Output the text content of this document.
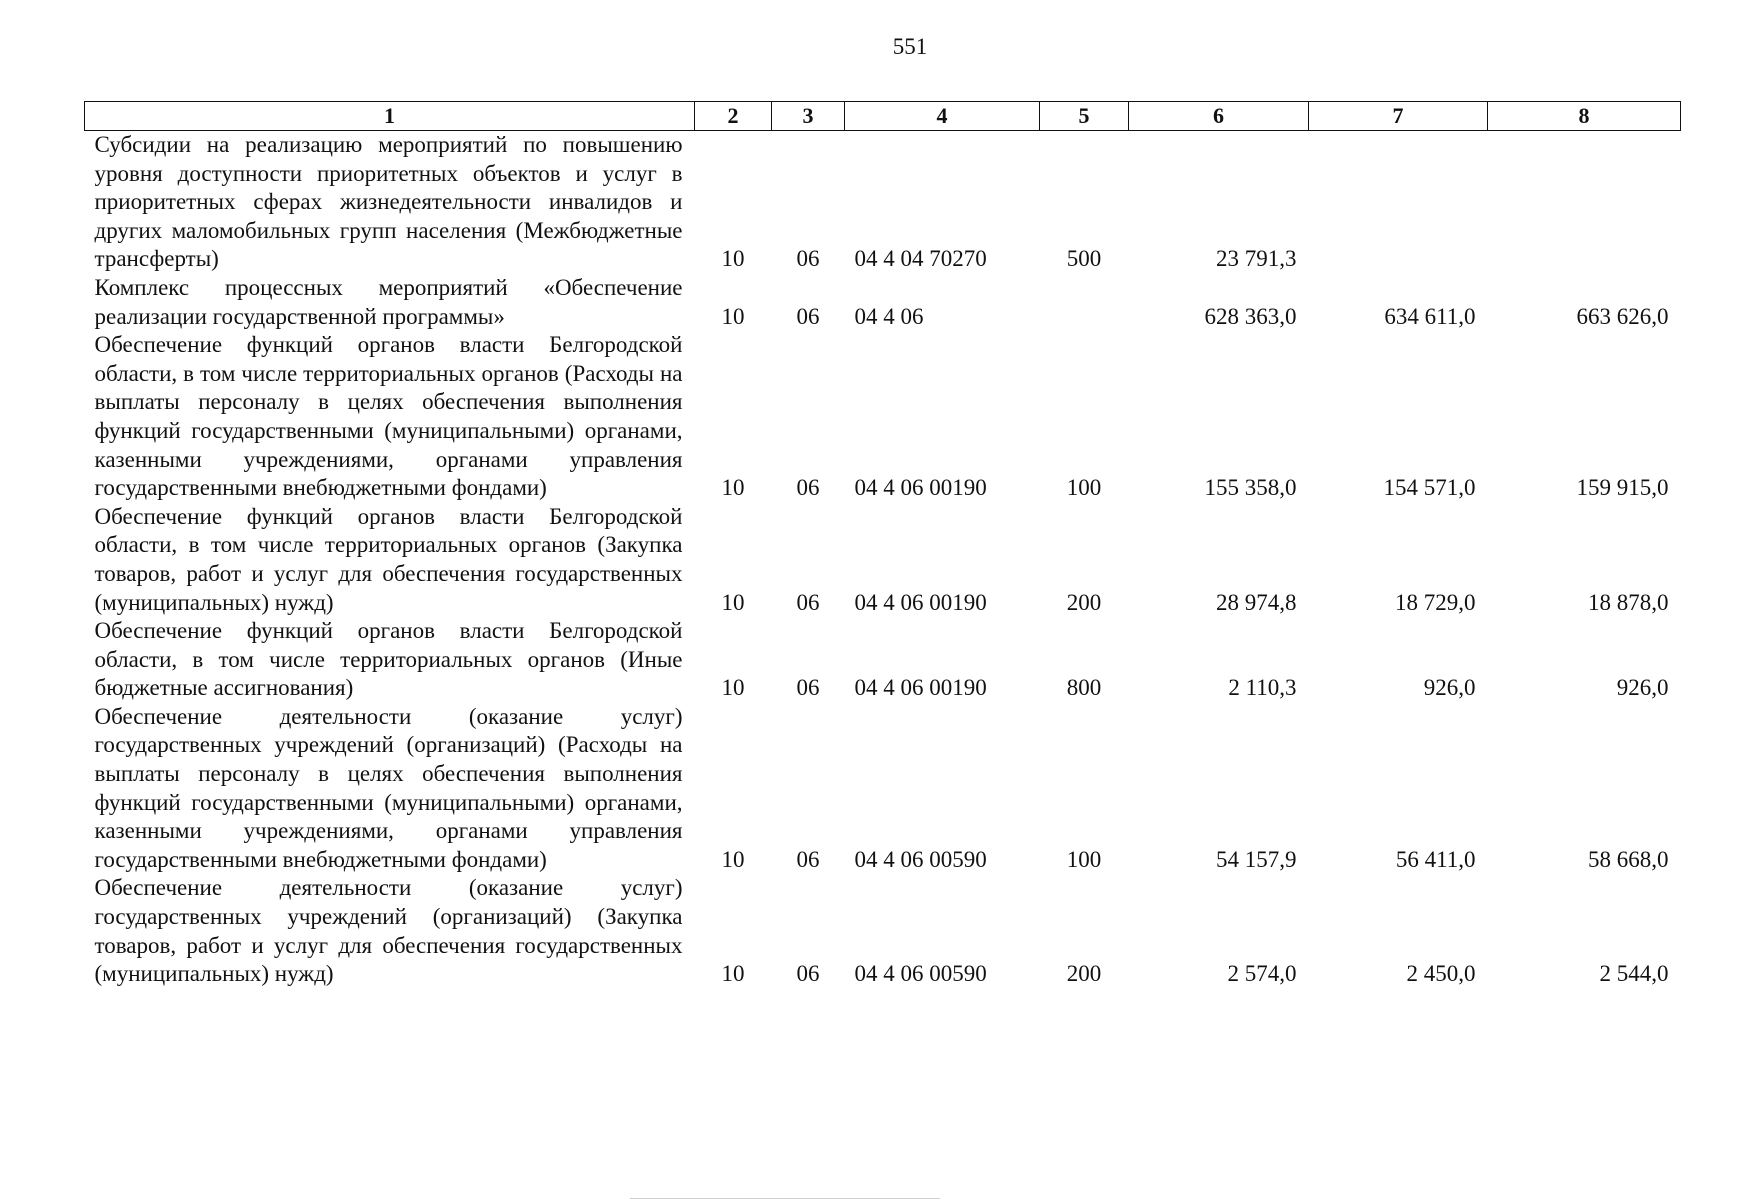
551
1	2	3	4	5	6	7	8
Субсидии на реализацию мероприятий по повышению уровня доступности приоритетных объектов и услуг в приоритетных сферах жизнедеятельности инвалидов и других маломобильных групп населения (Межбюджетные трансферты)	10	06	04 4 04 70270	500	23 791,3		
Комплекс процессных мероприятий «Обеспечение реализации государственной программы»	10	06	04 4 06		628 363,0	634 611,0	663 626,0
Обеспечение функций органов власти Белгородской области, в том числе территориальных органов (Расходы на выплаты персоналу в целях обеспечения выполнения функций государственными (муниципальными) органами, казенными учреждениями, органами управления государственными внебюджетными фондами)	10	06	04 4 06 00190	100	155 358,0	154 571,0	159 915,0
Обеспечение функций органов власти Белгородской области, в том числе территориальных органов (Закупка товаров, работ и услуг для обеспечения государственных (муниципальных) нужд)	10	06	04 4 06 00190	200	28 974,8	18 729,0	18 878,0
Обеспечение функций органов власти Белгородской области, в том числе территориальных органов (Иные бюджетные ассигнования)	10	06	04 4 06 00190	800	2 110,3	926,0	926,0
Обеспечение деятельности (оказание услуг) государственных учреждений (организаций) (Расходы на выплаты персоналу в целях обеспечения выполнения функций государственными (муниципальными) органами, казенными учреждениями, органами управления государственными внебюджетными фондами)	10	06	04 4 06 00590	100	54 157,9	56 411,0	58 668,0
Обеспечение деятельности (оказание услуг) государственных учреждений (организаций) (Закупка товаров, работ и услуг для обеспечения государственных (муниципальных) нужд)	10	06	04 4 06 00590	200	2 574,0	2 450,0	2 544,0
